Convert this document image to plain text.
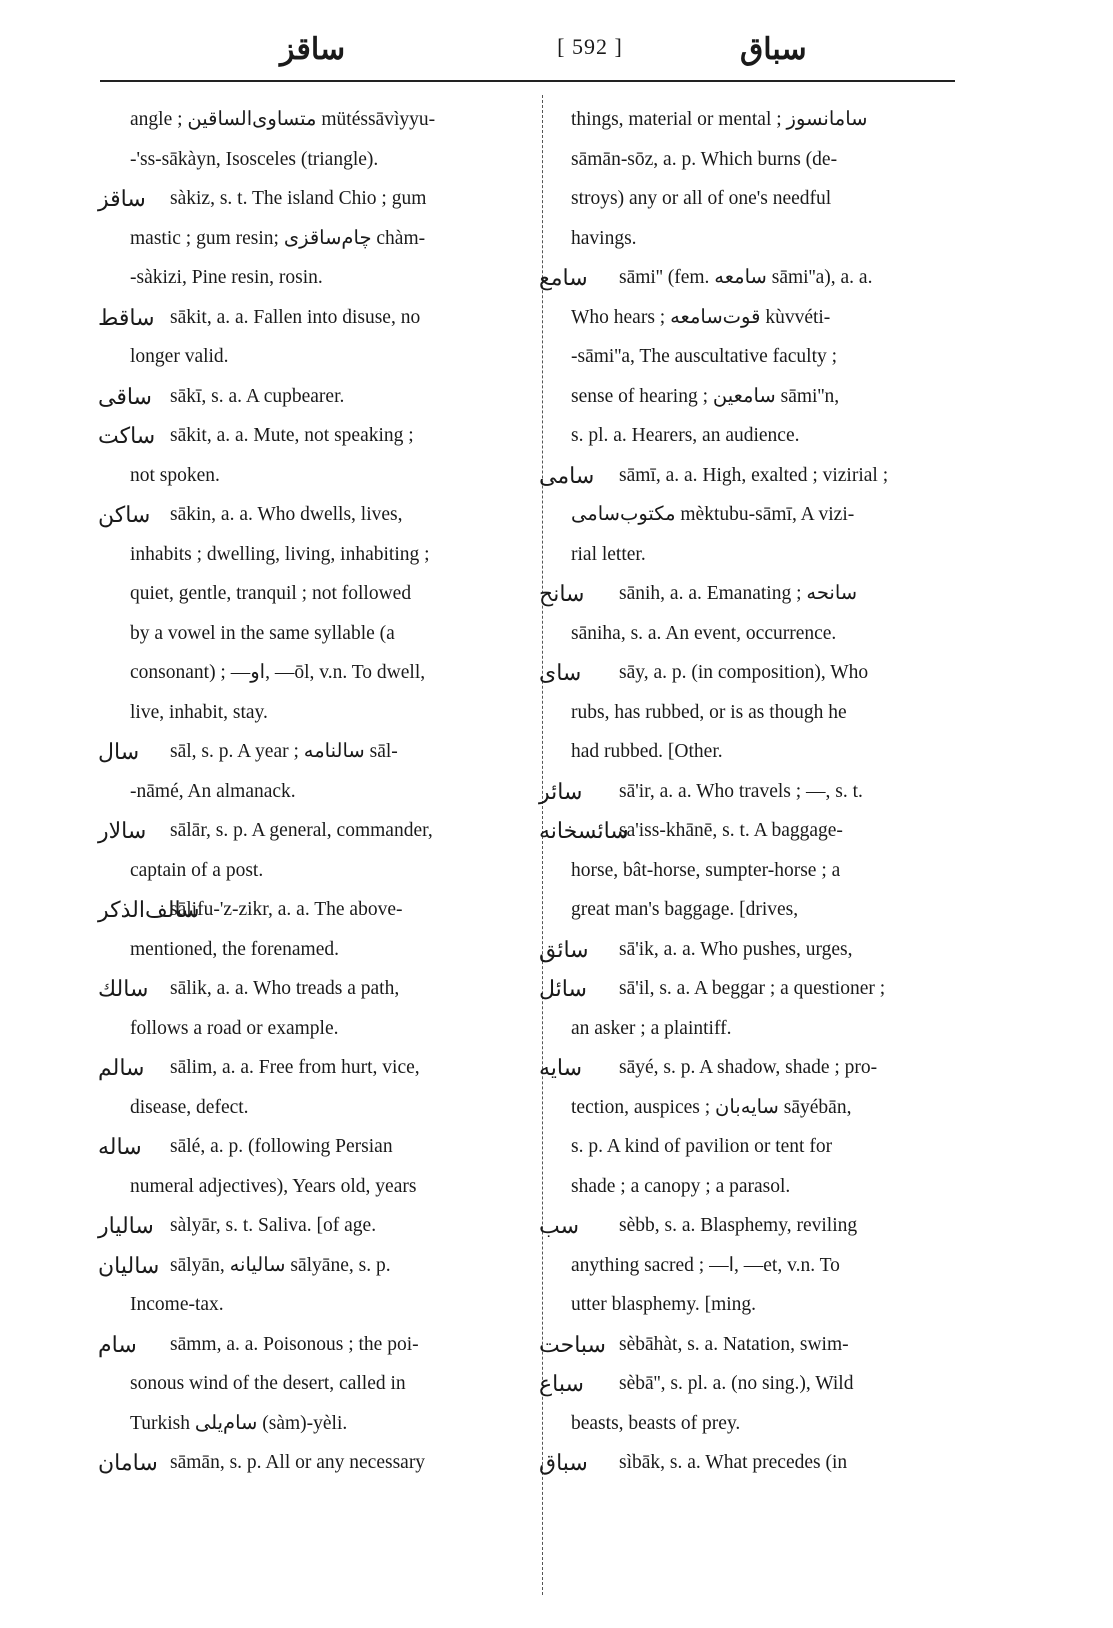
ساقز	[ 592 ]	سباق
angle ; متساوى‌الساقين mütéssāvìyyu-
-'ss-sākàyn, Isosceles (triangle).
ساقز	sàkiz, s. t. The island Chio ; gum
mastic ; gum resin; چام‌ساقزى chàm-
-sàkizi, Pine resin, rosin.
ساقط sākit, a. a. Fallen into disuse, no
longer valid.
ساقى sākī, s. a. A cupbearer.
ساكت sākit, a. a. Mute, not speaking ;
not spoken.
ساكن	sākin, a. a. Who dwells, lives,
inhabits ; dwelling, living, inhabiting ;
quiet, gentle, tranquil ; not followed
by a vowel in the same syllable (a
consonant) ; —او, —ōl, v.n. To dwell,
live, inhabit, stay.
سال	sāl, s. p. A year ; سالنامه sāl-
-nāmé, An almanack.
سالار	sālār, s. p. A general, commander,
captain of a post.
سالف‌الذكر
sālifu-'z-zikr, a. a. The above-
mentioned, the forenamed.
سالك	sālik, a. a. Who treads a path,
follows a road or example.
سالم	sālim, a. a. Free from hurt, vice,
disease, defect.
ساله	sālé, a. p. (following Persian
numeral adjectives), Years old, years
سالیار sàlyār, s. t. Saliva. [of age.
سالیان sālyān, سالیانه sālyāne, s. p.
Income-tax.
سام	sāmm, a. a. Poisonous ; the poi-
sonous wind of the desert, called in
Turkish سام‌یلی (sàm)-yèli.
سامان sāmān, s. p. All or any necessary
things, material or mental ; سامانسوز
sāmān-sōz, a. p. Which burns (de-
stroys) any or all of one's needful
havings.
سامع	sāmi'' (fem. سامعه sāmi''a), a. a.
Who hears ; قوت‌سامعه kùvvéti-
-sāmi''a, The auscultative faculty ;
sense of hearing ; سامعين sāmi''n,
s. pl. a. Hearers, an audience.
سامى	sāmī, a. a. High, exalted ; vizirial ;
مكتوب‌سامى mèktubu-sāmī, A vizi-
rial letter.
سانح	sānih, a. a. Emanating ; سانحه
sāniha, s. a. An event, occurrence.
ساى	sāy, a. p. (in composition), Who
rubs, has rubbed, or is as though he
had rubbed. [Other.
سائر	sā'ir, a. a. Who travels ; —, s. t.
سائسخانه
sa'iss-khānē, s. t. A baggage-
horse, bât-horse, sumpter-horse ; a
great man's baggage. [drives,
سائق	sā'ik, a. a. Who pushes, urges,
سائل	sā'il, s. a. A beggar ; a questioner ;
an asker ; a plaintiff.
سايه	sāyé, s. p. A shadow, shade ; pro-
tection, auspices ; سايه‌بان sāyébān,
s. p. A kind of pavilion or tent for
shade ; a canopy ; a parasol.
سب	sèbb, s. a. Blasphemy, reviling
anything sacred ; —ا, —et, v.n. To
utter blasphemy. [ming.
سباحت sèbāhàt, s. a. Natation, swim-
سباع	sèbā'', s. pl. a. (no sing.), Wild
beasts, beasts of prey.
سباق	sìbāk, s. a. What precedes (in
